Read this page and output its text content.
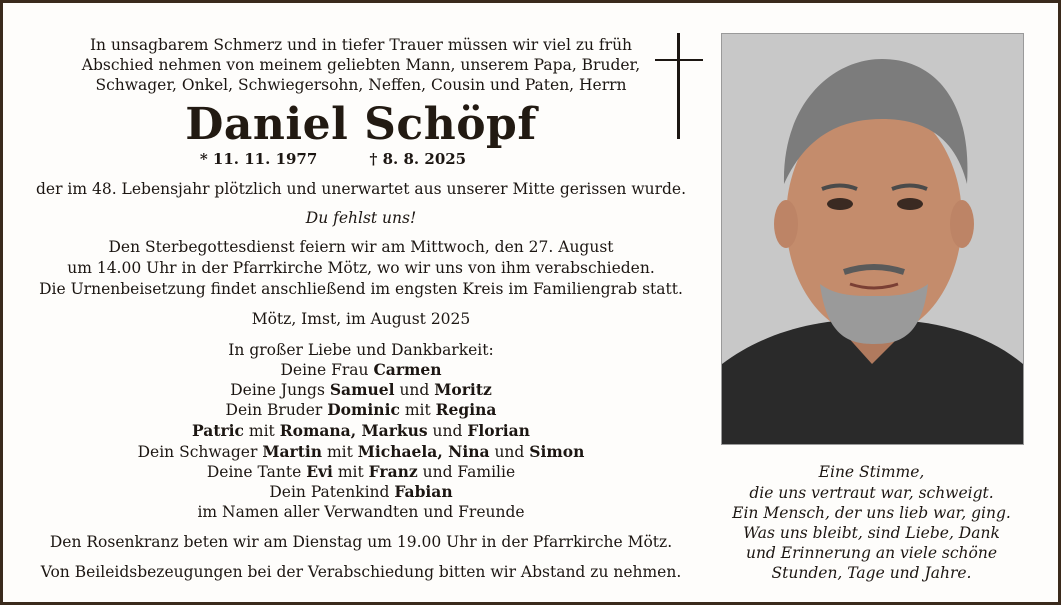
In unsagbarem Schmerz und in tiefer Trauer müssen wir viel zu früh
Abschied nehmen von meinem geliebten Mann, unserem Papa, Bruder,
Schwager, Onkel, Schwiegersohn, Neffen, Cousin und Paten, Herrn
Daniel Schöpf
* 11. 11. 1977	† 8. 8. 2025
der im 48. Lebensjahr plötzlich und unerwartet aus unserer Mitte gerissen wurde.
Du fehlst uns!
Den Sterbegottesdienst feiern wir am Mittwoch, den 27. August
um 14.00 Uhr in der Pfarrkirche Mötz, wo wir uns von ihm verabschieden.
Die Urnenbeisetzung findet anschließend im engsten Kreis im Familiengrab statt.
Mötz, Imst, im August 2025
In großer Liebe und Dankbarkeit:
Deine Frau Carmen
Deine Jungs Samuel und Moritz
Dein Bruder Dominic mit Regina
Patric mit Romana, Markus und Florian
Dein Schwager Martin mit Michaela, Nina und Simon
Deine Tante Evi mit Franz und Familie
Dein Patenkind Fabian
im Namen aller Verwandten und Freunde
Den Rosenkranz beten wir am Dienstag um 19.00 Uhr in der Pfarrkirche Mötz.
Von Beileidsbezeugungen bei der Verabschiedung bitten wir Abstand zu nehmen.
Eine Stimme,
die uns vertraut war, schweigt.
Ein Mensch, der uns lieb war, ging.
Was uns bleibt, sind Liebe, Dank
und Erinnerung an viele schöne
Stunden, Tage und Jahre.
